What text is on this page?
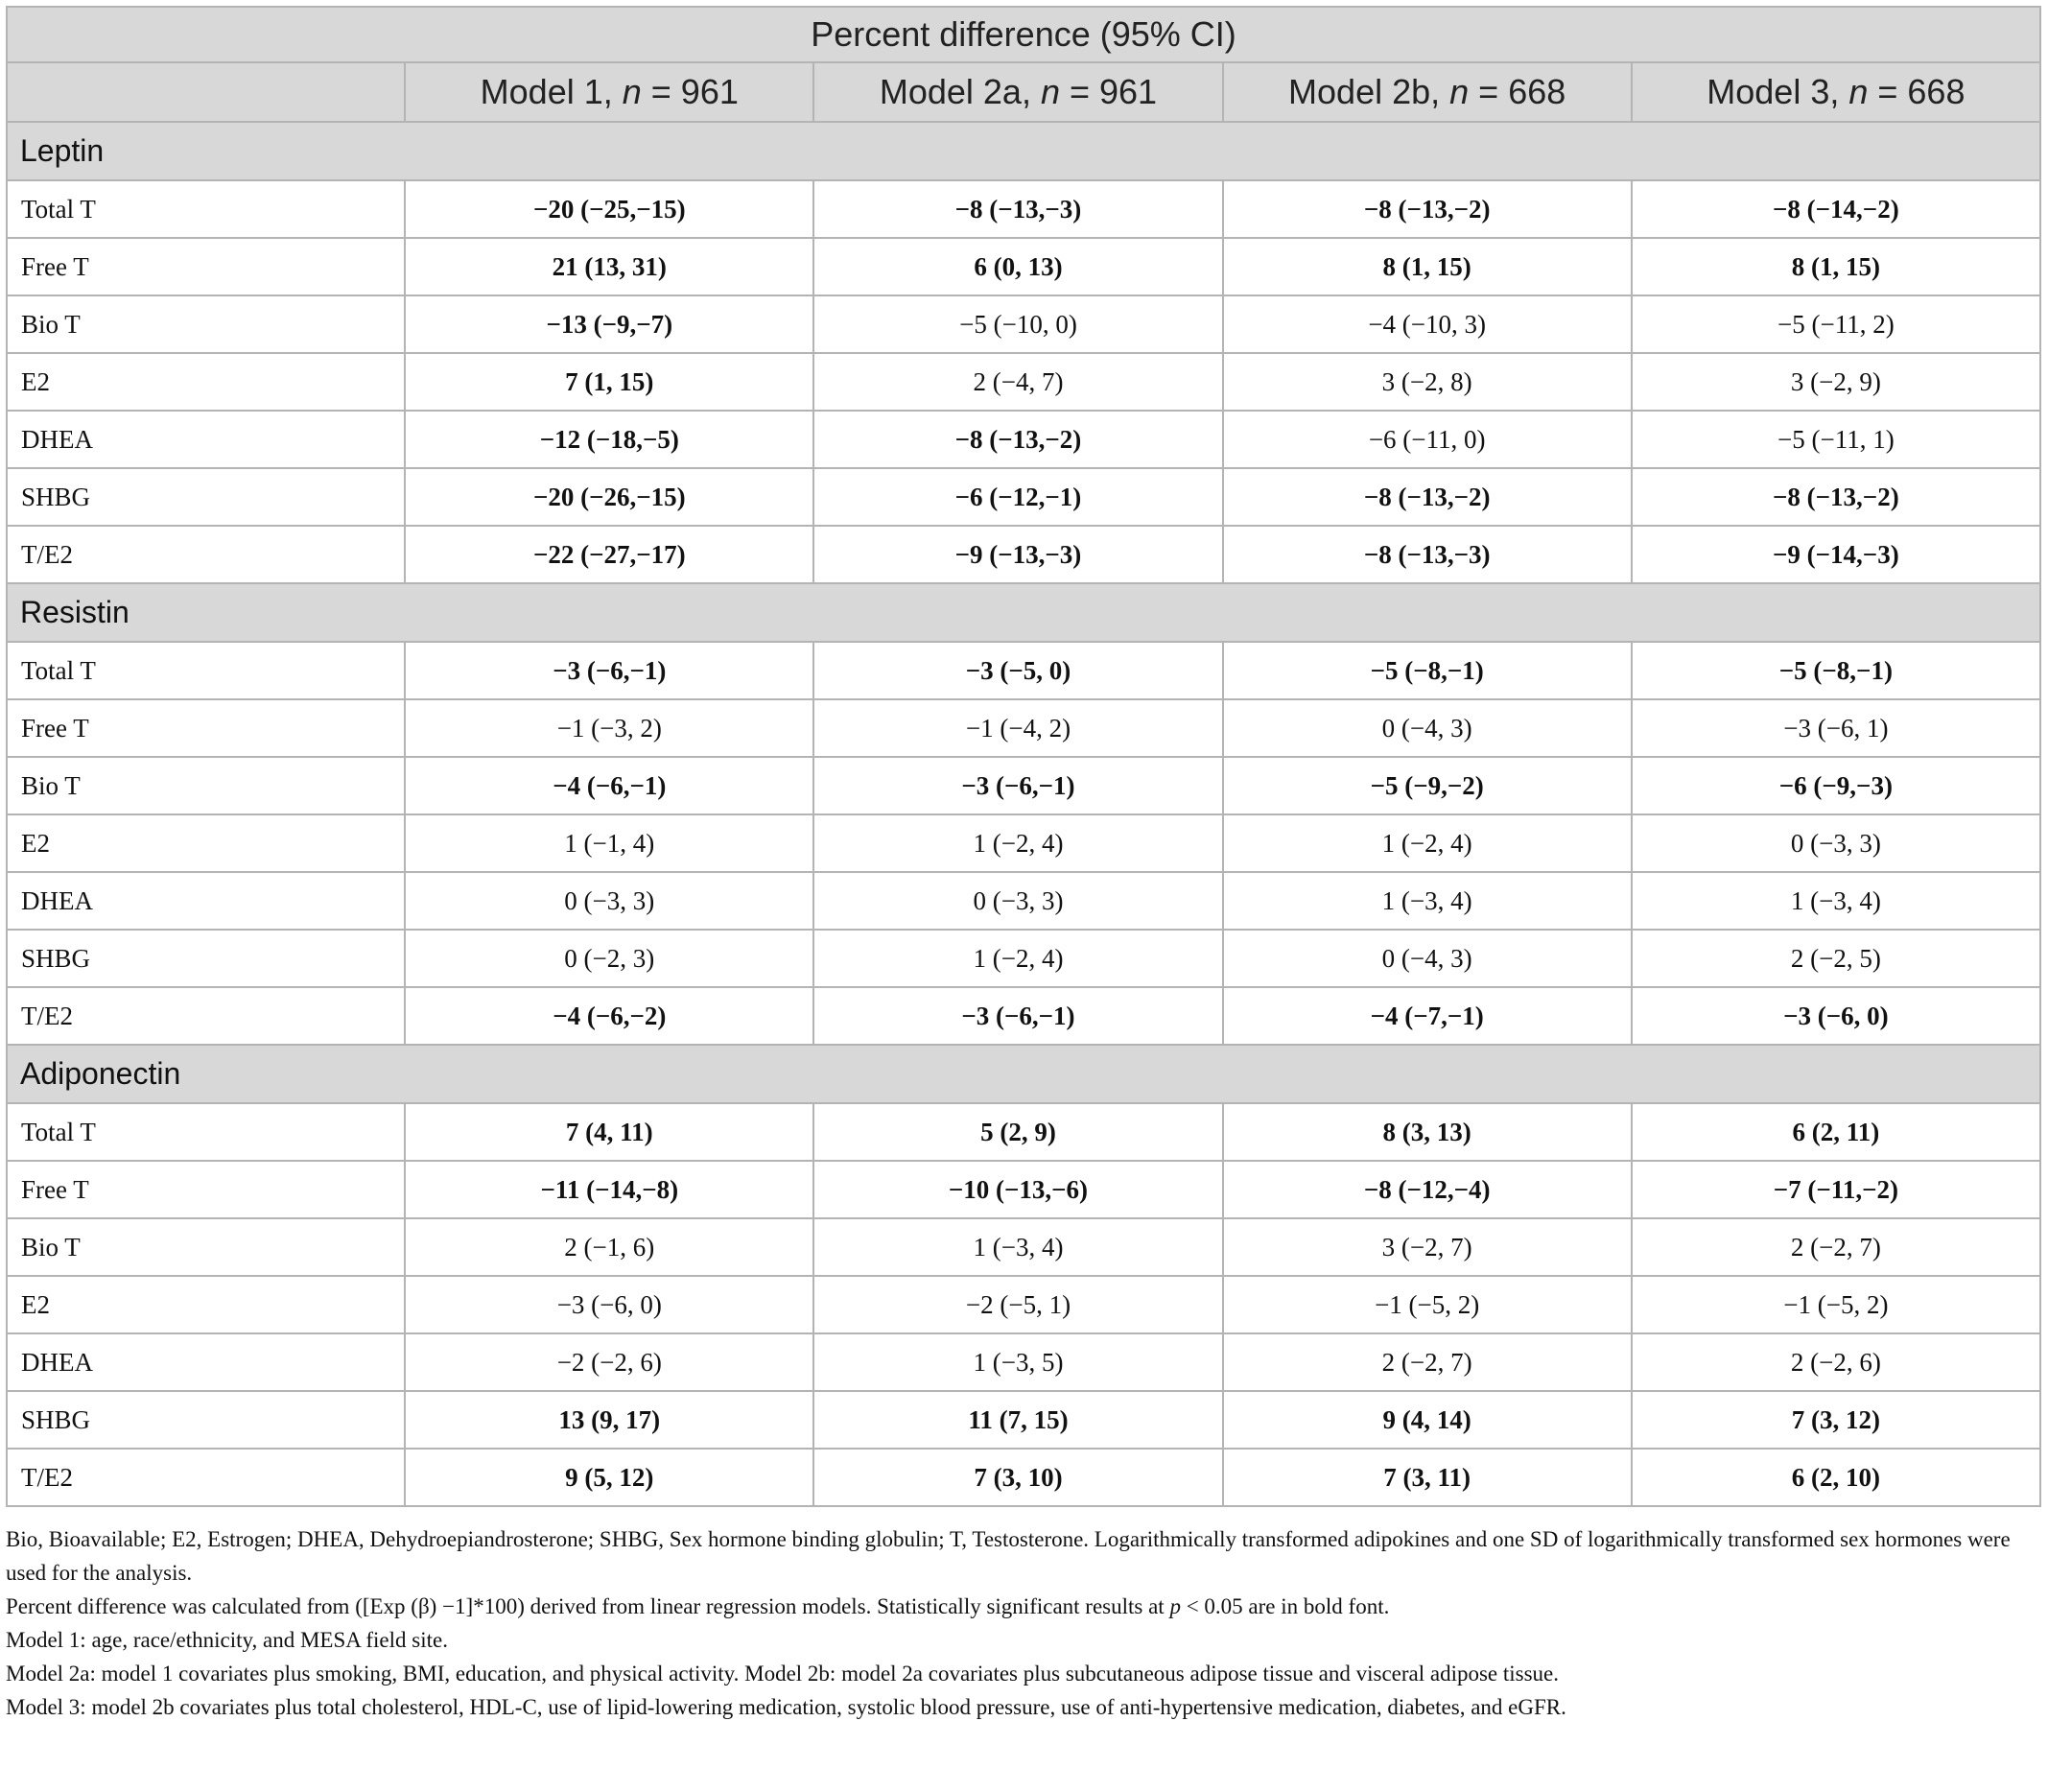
Percent difference (95% CI)				
	Model 1, n = 961	Model 2a, n = 961	Model 2b, n = 668	Model 3, n = 668
Leptin				
Total T	−20 (−25,−15)	−8 (−13,−3)	−8 (−13,−2)	−8 (−14,−2)
Free T	21 (13, 31)	6 (0, 13)	8 (1, 15)	8 (1, 15)
Bio T	−13 (−9,−7)	−5 (−10, 0)	−4 (−10, 3)	−5 (−11, 2)
E2	7 (1, 15)	2 (−4, 7)	3 (−2, 8)	3 (−2, 9)
DHEA	−12 (−18,−5)	−8 (−13,−2)	−6 (−11, 0)	−5 (−11, 1)
SHBG	−20 (−26,−15)	−6 (−12,−1)	−8 (−13,−2)	−8 (−13,−2)
T/E2	−22 (−27,−17)	−9 (−13,−3)	−8 (−13,−3)	−9 (−14,−3)
Resistin				
Total T	−3 (−6,−1)	−3 (−5, 0)	−5 (−8,−1)	−5 (−8,−1)
Free T	−1 (−3, 2)	−1 (−4, 2)	0 (−4, 3)	−3 (−6, 1)
Bio T	−4 (−6,−1)	−3 (−6,−1)	−5 (−9,−2)	−6 (−9,−3)
E2	1 (−1, 4)	1 (−2, 4)	1 (−2, 4)	0 (−3, 3)
DHEA	0 (−3, 3)	0 (−3, 3)	1 (−3, 4)	1 (−3, 4)
SHBG	0 (−2, 3)	1 (−2, 4)	0 (−4, 3)	2 (−2, 5)
T/E2	−4 (−6,−2)	−3 (−6,−1)	−4 (−7,−1)	−3 (−6, 0)
Adiponectin				
Total T	7 (4, 11)	5 (2, 9)	8 (3, 13)	6 (2, 11)
Free T	−11 (−14,−8)	−10 (−13,−6)	−8 (−12,−4)	−7 (−11,−2)
Bio T	2 (−1, 6)	1 (−3, 4)	3 (−2, 7)	2 (−2, 7)
E2	−3 (−6, 0)	−2 (−5, 1)	−1 (−5, 2)	−1 (−5, 2)
DHEA	−2 (−2, 6)	1 (−3, 5)	2 (−2, 7)	2 (−2, 6)
SHBG	13 (9, 17)	11 (7, 15)	9 (4, 14)	7 (3, 12)
T/E2	9 (5, 12)	7 (3, 10)	7 (3, 11)	6 (2, 10)

Bio, Bioavailable; E2, Estrogen; DHEA, Dehydroepiandrosterone; SHBG, Sex hormone binding globulin; T, Testosterone. Logarithmically transformed adipokines and one SD of logarithmically transformed sex hormones were used for the analysis.

Percent difference was calculated from ([Exp (β) −1]*100) derived from linear regression models. Statistically significant results at p < 0.05 are in bold font.

Model 1: age, race/ethnicity, and MESA field site.

Model 2a: model 1 covariates plus smoking, BMI, education, and physical activity. Model 2b: model 2a covariates plus subcutaneous adipose tissue and visceral adipose tissue.

Model 3: model 2b covariates plus total cholesterol, HDL-C, use of lipid-lowering medication, systolic blood pressure, use of anti-hypertensive medication, diabetes, and eGFR.
